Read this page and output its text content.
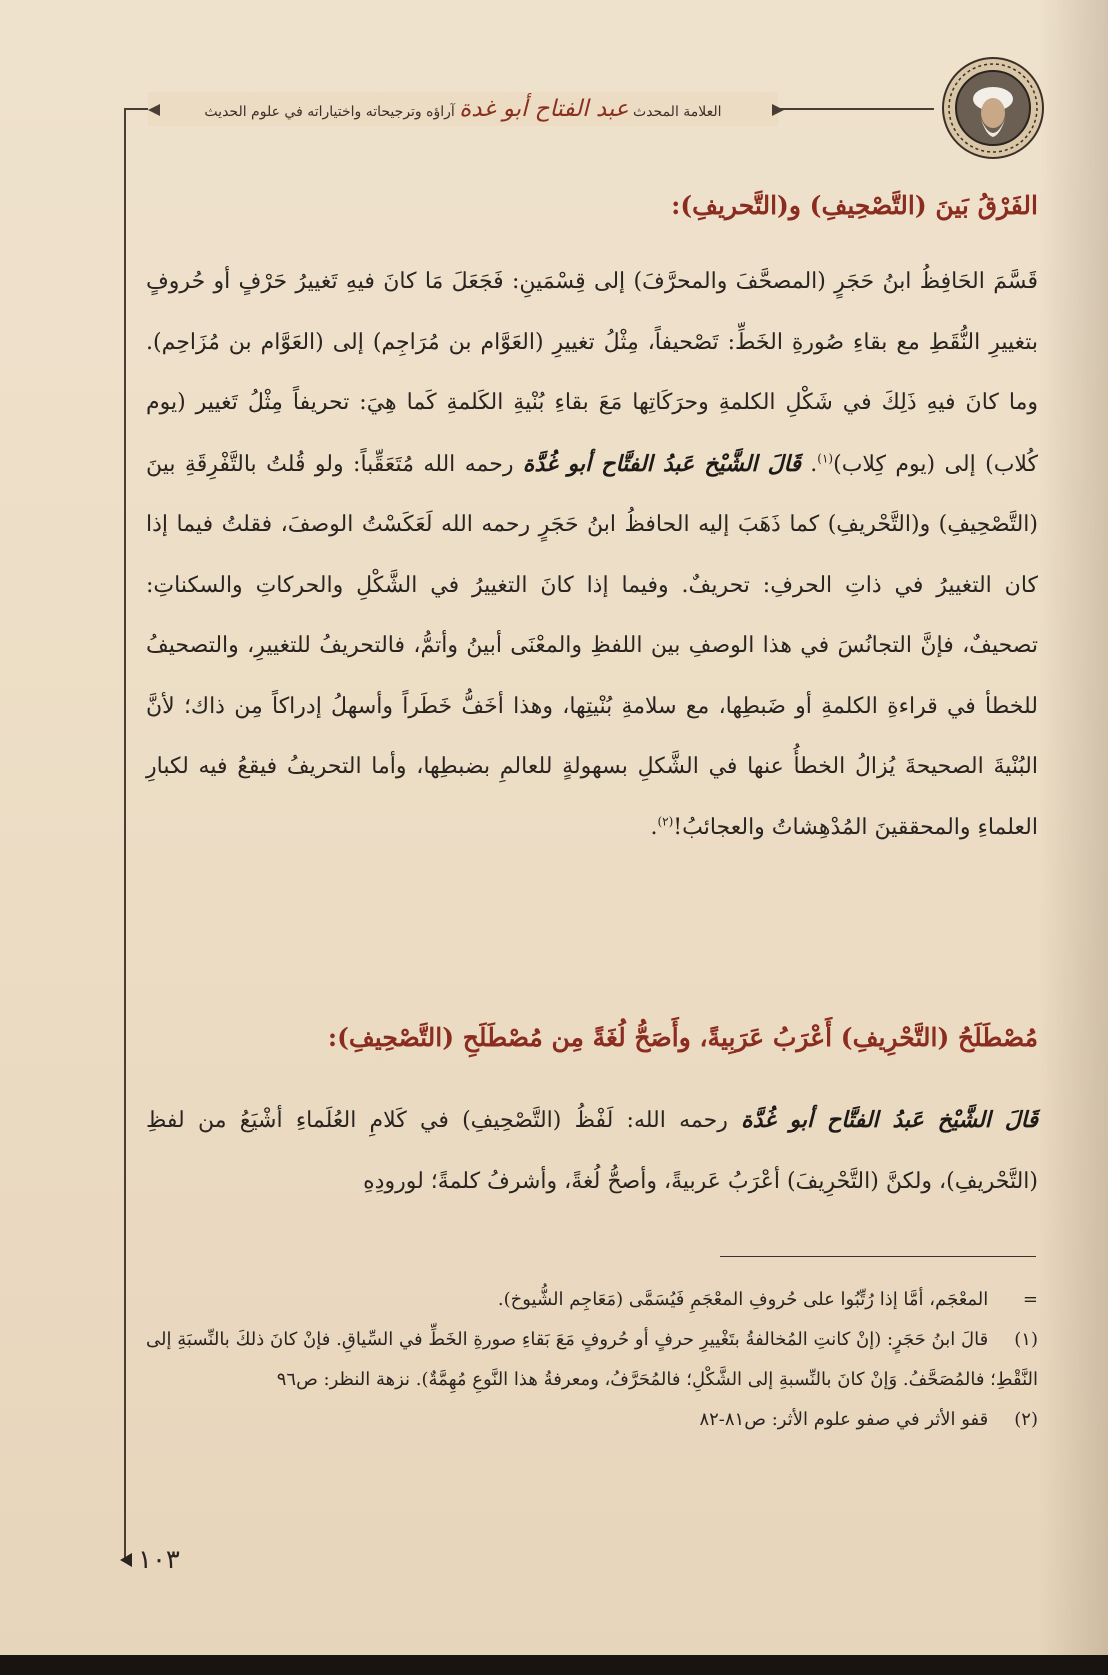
العلامة المحدث عبد الفتاح أبو غدة آراؤه وترجيحاته واختياراته في علوم الحديث
الفَرْقُ بَينَ (التَّصْحِيفِ) و(التَّحريفِ):

قَسَّمَ الحَافِظُ ابنُ حَجَرٍ (المصحَّفَ والمحرَّفَ) إلى قِسْمَينِ: فَجَعَلَ مَا كانَ فيهِ تَغييرُ حَرْفٍ أو حُروفٍ بتغييرِ النُّقَطِ مع بقاءِ صُورةِ الخَطِّ: تَصْحيفاً، مِثْلُ تغييرِ (العَوَّام بن مُرَاجِم) إلى (العَوَّام بن مُزَاحِم). وما كانَ فيهِ ذَلِكَ في شَكْلِ الكلمةِ وحرَكَاتِها مَعَ بقاءِ بُنْيةِ الكَلمةِ كَما هِيَ: تحريفاً مِثْلُ تَغيير (يوم كُلاب) إلى (يوم كِلاب)$^{(١)}$. قَالَ الشَّيْخ عَبدُ الفتَّاح أبو غُدَّة رحمه الله مُتَعَقِّباً: ولو قُلتُ بالتَّفْرِقَةِ بينَ (التَّصْحِيفِ) و(التَّحْريفِ) كما ذَهَبَ إليه الحافظُ ابنُ حَجَرٍ رحمه الله لَعَكَسْتُ الوصفَ، فقلتُ فيما إذا كان التغييرُ في ذاتِ الحرفِ: تحريفٌ. وفيما إذا كانَ التغييرُ في الشَّكْلِ والحركاتِ والسكناتِ: تصحيفٌ، فإنَّ التجانُسَ في هذا الوصفِ بين اللفظِ والمعْنَى أبينُ وأتمُّ، فالتحريفُ للتغييرِ، والتصحيفُ للخطأ في قراءةِ الكلمةِ أو ضَبطِها، مع سلامةِ بُنْيتِها، وهذا أخَفُّ خَطَراً وأسهلُ إدراكاً مِن ذاك؛ لأنَّ البُنْيةَ الصحيحةَ يُزالُ الخطأُ عنها في الشَّكلِ بسهولةٍ للعالمِ بضبطِها، وأما التحريفُ فيقعُ فيه لكبارِ العلماءِ والمحققينَ المُدْهِشاتُ والعجائبُ!$^{(٢)}$.

مُصْطَلَحُ (التَّحْرِيفِ) أَعْرَبُ عَرَبِيةً، وأَصَحُّ لُغَةً مِن مُصْطَلَحِ (التَّصْحِيفِ):

قَالَ الشَّيْخ عَبدُ الفتَّاح أبو غُدَّة رحمه الله: لَفْظُ (التَّصْحِيفِ) في كَلامِ العُلَماءِ أشْيَعُ من لفظِ (التَّحْريفِ)، ولكنَّ (التَّحْرِيفَ) أعْرَبُ عَربيةً، وأصحُّ لُغةً، وأشرفُ كلمةً؛ لورودِهِ

= المعْجَم، أمَّا إذا رُتِّبُوا على حُروفِ المعْجَمِ فَيُسَمَّى (مَعَاجِم الشُّيوخ).
(١) قالَ ابنُ حَجَرٍ: (إنْ كانتِ المُخالفةُ بتَغْييرِ حرفٍ أو حُروفٍ مَعَ بَقاءِ صورةِ الخَطِّ في السِّياقِ. فإنْ كانَ ذلكَ بالنِّسبَةِ إلى النَّقْطِ؛ فالمُصَحَّفُ. وَإنْ كانَ بالنِّسبةِ إلى الشَّكْلِ؛ فالمُحَرَّفُ، ومعرفةُ هذا النَّوعِ مُهِمَّةٌ). نزهة النظر: ص٩٦
(٢) قفو الأثر في صفو علوم الأثر: ص٨١-٨٢
١٠٣
